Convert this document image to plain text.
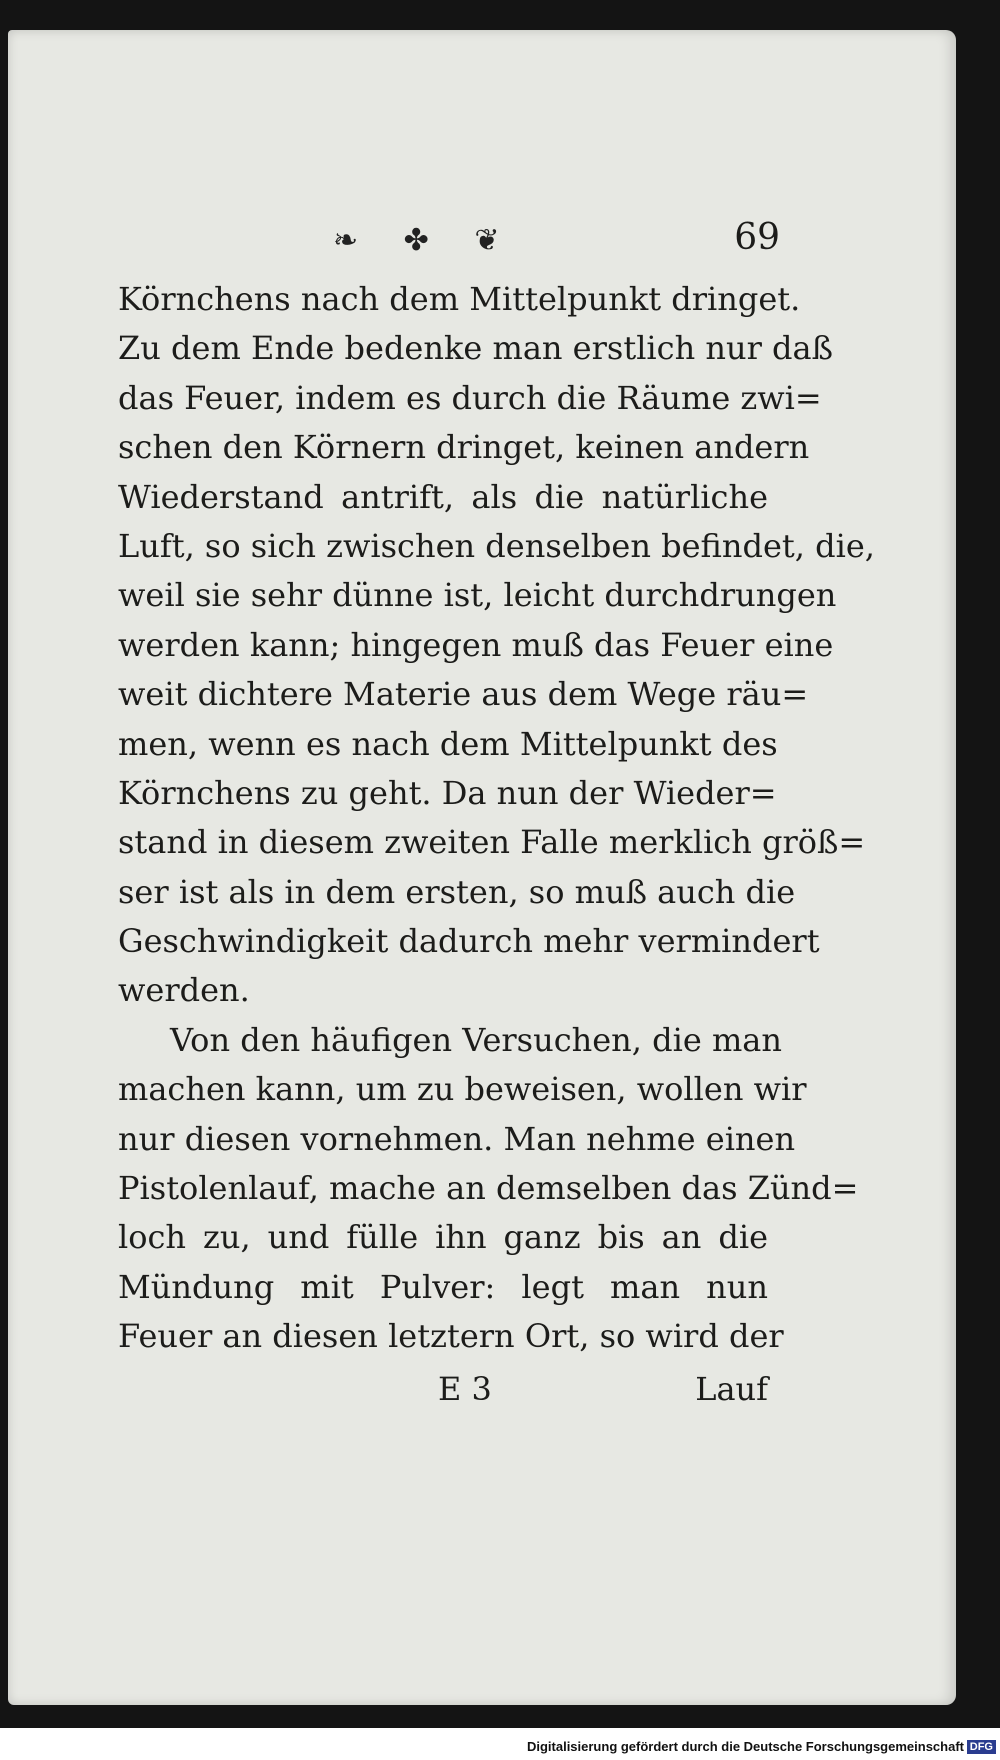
❧ ✤ ❦	69
Körnchens nach dem Mittelpunkt dringet.
Zu dem Ende bedenke man erstlich nur daß
das Feuer, indem es durch die Räume zwi=
schen den Körnern dringet, keinen andern
Wiederstand antrift, als die natürliche
Luft, so sich zwischen denselben befindet, die,
weil sie sehr dünne ist, leicht durchdrungen
werden kann; hingegen muß das Feuer eine
weit dichtere Materie aus dem Wege räu=
men, wenn es nach dem Mittelpunkt des
Körnchens zu geht. Da nun der Wieder=
stand in diesem zweiten Falle merklich größ=
ser ist als in dem ersten, so muß auch die
Geschwindigkeit dadurch mehr vermindert
werden.
Von den häufigen Versuchen, die man
machen kann, um zu beweisen, wollen wir
nur diesen vornehmen. Man nehme einen
Pistolenlauf, mache an demselben das Zünd=
loch zu, und fülle ihn ganz bis an die
Mündung mit Pulver: legt man nun
Feuer an diesen letztern Ort, so wird der
E 3	Lauf
Digitalisierung gefördert durch die Deutsche Forschungsgemeinschaft DFG
